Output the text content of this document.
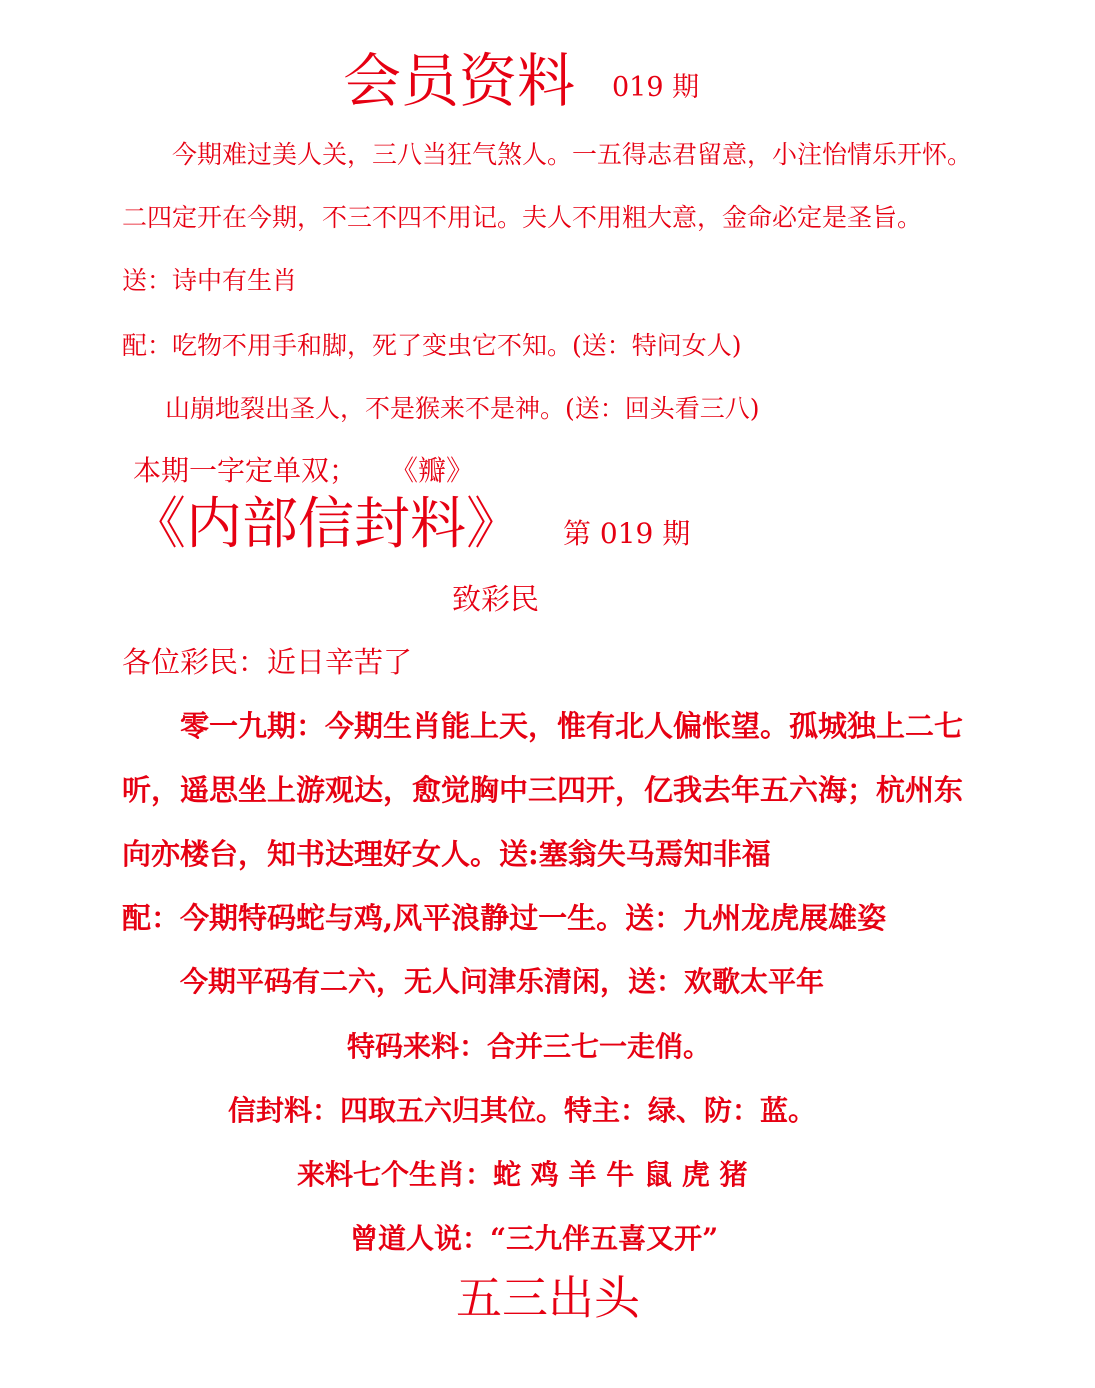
会员资料 019 期
今期难过美人关，三八当狂气煞人。一五得志君留意，小注怡情乐开怀。
二四定开在今期，不三不四不用记。夫人不用粗大意，金命必定是圣旨。
送：诗中有生肖
配：吃物不用手和脚，死了变虫它不知。(送：特问女人)
山崩地裂出圣人，不是猴来不是神。(送：回头看三八)
本期一字定单双； 《瓣》
《内部信封料》 第 019 期
致彩民
各位彩民：近日辛苦了
零一九期：今期生肖能上天，惟有北人偏怅望。孤城独上二七
听，遥思坐上游观达，愈觉胸中三四开，亿我去年五六海；杭州东
向亦楼台，知书达理好女人。送:塞翁失马焉知非福
配：今期特码蛇与鸡,风平浪静过一生。送：九州龙虎展雄姿
今期平码有二六，无人问津乐清闲，送：欢歌太平年
特码来料：合并三七一走俏。
信封料：四取五六归其位。特主：绿、防：蓝。
来料七个生肖：蛇 鸡 羊 牛 鼠 虎 猪
曾道人说：“三九伴五喜又开”
五三出头
